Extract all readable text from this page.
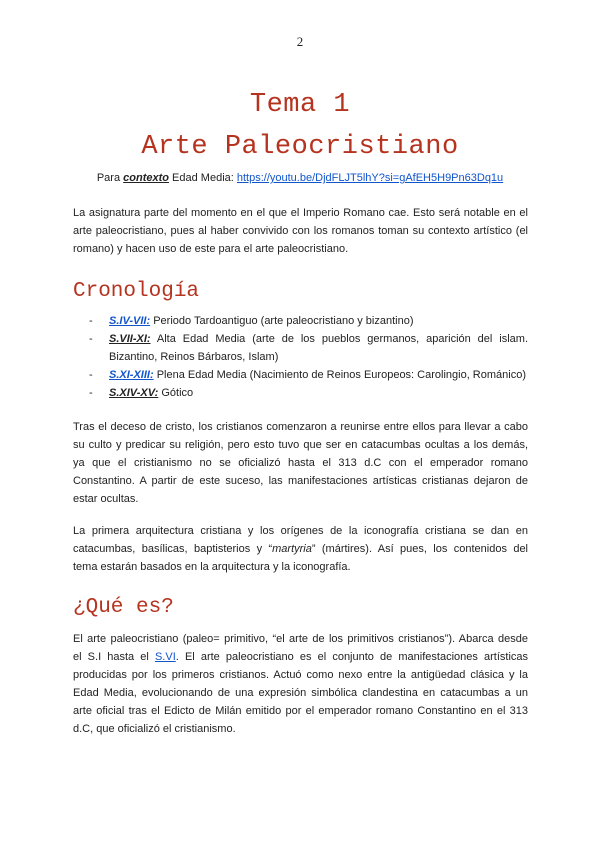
2
Tema 1
Arte Paleocristiano
Para contexto Edad Media: https://youtu.be/DjdFLJT5lhY?si=gAfEH5H9Pn63Dq1u
La asignatura parte del momento en el que el Imperio Romano cae. Esto será notable en el
arte paleocristiano, pues al haber convivido con los romanos toman su contexto artístico (el
romano) y hacen uso de este para el arte paleocristiano.
Cronología
- S.IV-VII: Periodo Tardoantiguo (arte paleocristiano y bizantino)
- S.VII-XI: Alta Edad Media (arte de los pueblos germanos, aparición del islam. Bizantino, Reinos Bárbaros, Islam)
- S.XI-XIII: Plena Edad Media (Nacimiento de Reinos Europeos: Carolingio, Románico)
- S.XIV-XV: Gótico
Tras el deceso de cristo, los cristianos comenzaron a reunirse entre ellos para llevar a cabo
su culto y predicar su religión, pero esto tuvo que ser en catacumbas ocultas a los demás,
ya que el cristianismo no se oficializó hasta el 313 d.C con el emperador romano
Constantino. A partir de este suceso, las manifestaciones artísticas cristianas dejaron de
estar ocultas.
La primera arquitectura cristiana y los orígenes de la iconografía cristiana se dan en
catacumbas, basílicas, baptisterios y “martyria” (mártires). Así pues, los contenidos del
tema estarán basados en la arquitectura y la iconografía.
¿Qué es?
El arte paleocristiano (paleo= primitivo, “el arte de los primitivos cristianos”). Abarca desde
el S.I hasta el S.VI. El arte paleocristiano es el conjunto de manifestaciones artísticas
producidas por los primeros cristianos. Actuó como nexo entre la antigüedad clásica y la
Edad Media, evolucionando de una expresión simbólica clandestina en catacumbas a un
arte oficial tras el Edicto de Milán emitido por el emperador romano Constantino en el 313
d.C, que oficializó el cristianismo.
